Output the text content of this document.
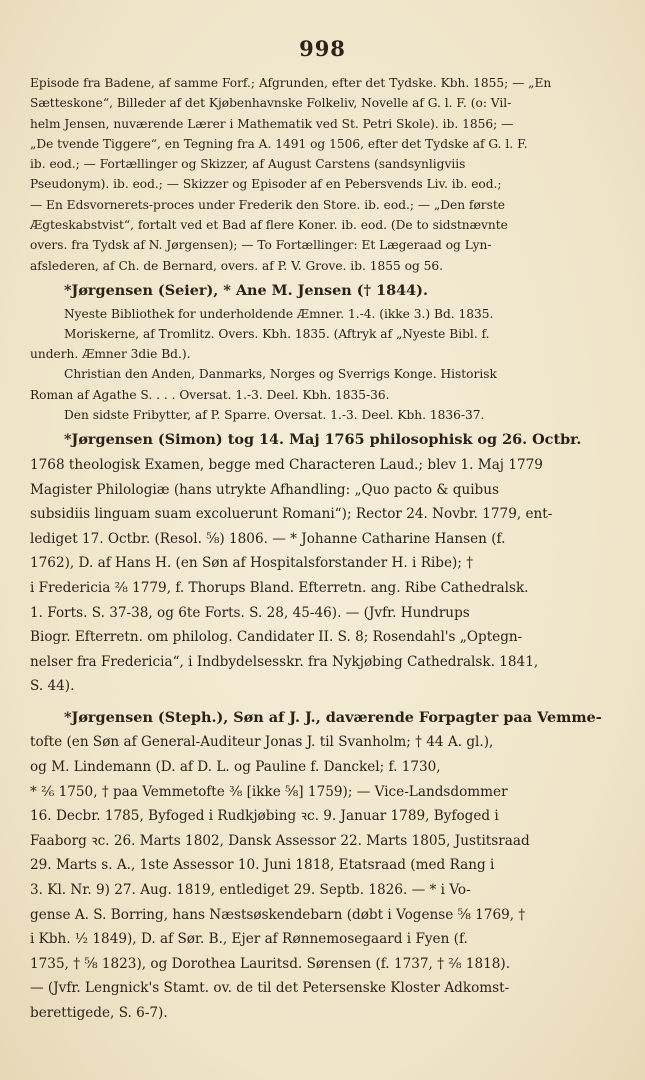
998
Episode fra Badene, af samme Forf.; Afgrunden, efter det Tydske. Kbh. 1855; — „En
Sætteskone“, Billeder af det Kjøbenhavnske Folkeliv, Novelle af G. l. F. (o: Vil-
helm Jensen, nuværende Lærer i Mathematik ved St. Petri Skole). ib. 1856; —
„De tvende Tiggere“, en Tegning fra A. 1491 og 1506, efter det Tydske af G. l. F.
ib. eod.; — Fortællinger og Skizzer, af August Carstens (sandsynligviis
Pseudonym). ib. eod.; — Skizzer og Episoder af en Pebersvends Liv. ib. eod.;
— En Edsvornerets-proces under Frederik den Store. ib. eod.; — „Den første
Ægteskabstvist“, fortalt ved et Bad af flere Koner. ib. eod. (De to sidstnævnte
overs. fra Tydsk af N. Jørgensen); — To Fortællinger: Et Lægeraad og Lyn-
afslederen, af Ch. de Bernard, overs. af P. V. Grove. ib. 1855 og 56.
*Jørgensen (Seier), * Ane M. Jensen († 1844).
Nyeste Bibliothek for underholdende Æmner. 1.-4. (ikke 3.) Bd. 1835.
Moriskerne, af Tromlitz. Overs. Kbh. 1835. (Aftryk af „Nyeste Bibl. f.
underh. Æmner 3die Bd.).
Christian den Anden, Danmarks, Norges og Sverrigs Konge. Historisk
Roman af Agathe S. . . . Oversat. 1.-3. Deel. Kbh. 1835-36.
Den sidste Fribytter, af P. Sparre. Oversat. 1.-3. Deel. Kbh. 1836-37.
*Jørgensen (Simon) tog 14. Maj 1765 philosophisk og 26. Octbr.
1768 theologisk Examen, begge med Characteren Laud.; blev 1. Maj 1779
Magister Philologiæ (hans utrykte Afhandling: „Quo pacto & quibus
subsidiis linguam suam excoluerunt Romani“); Rector 24. Novbr. 1779, ent-
lediget 17. Octbr. (Resol. ⅝) 1806. — * Johanne Catharine Hansen (f.
1762), D. af Hans H. (en Søn af Hospitalsforstander H. i Ribe); †
i Fredericia ²⁄₈ 1779, f. Thorups Bland. Efterretn. ang. Ribe Cathedralsk.
1. Forts. S. 37-38, og 6te Forts. S. 28, 45-46). — (Jvfr. Hundrups
Biogr. Efterretn. om philolog. Candidater II. S. 8; Rosendahl's „Optegn-
nelser fra Fredericia“, i Indbydelsesskr. fra Nykjøbing Cathedralsk. 1841,
S. 44).
*Jørgensen (Steph.), Søn af J. J., daværende Forpagter paa Vemme-
tofte (en Søn af General-Auditeur Jonas J. til Svanholm; † 44 A. gl.),
og M. Lindemann (D. af D. L. og Pauline f. Danckel; f. 1730,
* ²⁄₆ 1750, † paa Vemmetofte ³⁄₈ [ikke ⅝] 1759); — Vice-Landsdommer
16. Decbr. 1785, Byfoged i Rudkjøbing ꝛc. 9. Januar 1789, Byfoged i
Faaborg ꝛc. 26. Marts 1802, Dansk Assessor 22. Marts 1805, Justitsraad
29. Marts s. A., 1ste Assessor 10. Juni 1818, Etatsraad (med Rang i
3. Kl. Nr. 9) 27. Aug. 1819, entlediget 29. Septb. 1826. — * i Vo-
gense A. S. Borring, hans Næstsøskendebarn (døbt i Vogense ⅝ 1769, †
i Kbh. ¹⁄₂ 1849), D. af Sør. B., Ejer af Rønnemosegaard i Fyen (f.
1735, † ⅝ 1823), og Dorothea Lauritsd. Sørensen (f. 1737, † ²⁄₈ 1818).
— (Jvfr. Lengnick's Stamt. ov. de til det Petersenske Kloster Adkomst-
berettigede, S. 6-7).
